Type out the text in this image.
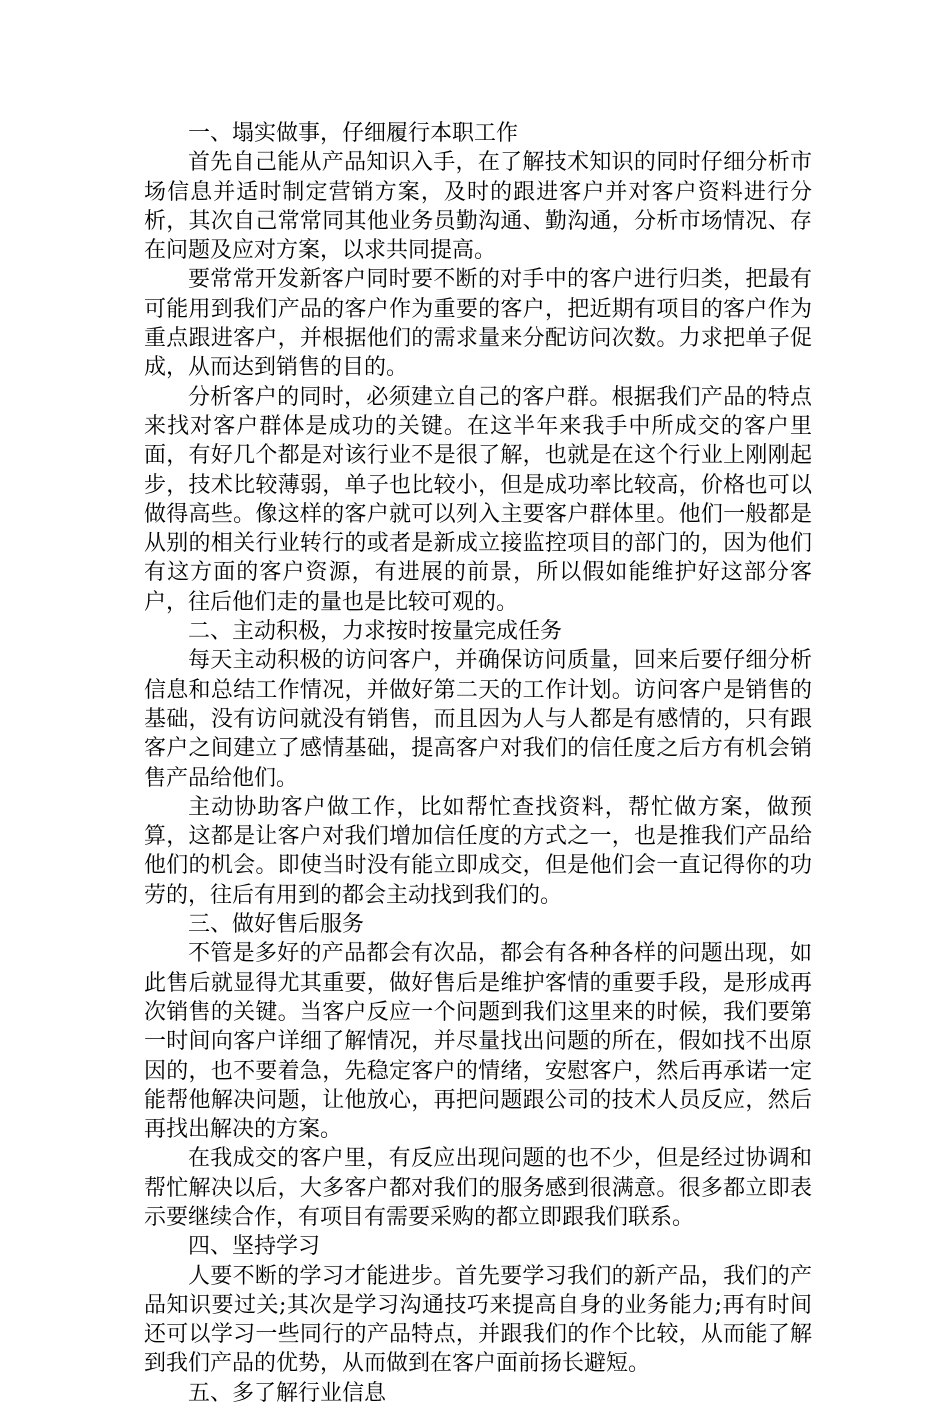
一、塌实做事，仔细履行本职工作

首先自己能从产品知识入手，在了解技术知识的同时仔细分析市场信息并适时制定营销方案，及时的跟进客户并对客户资料进行分析，其次自己常常同其他业务员勤沟通、勤沟通，分析市场情况、存在问题及应对方案，以求共同提高。

要常常开发新客户同时要不断的对手中的客户进行归类，把最有可能用到我们产品的客户作为重要的客户，把近期有项目的客户作为重点跟进客户，并根据他们的需求量来分配访问次数。力求把单子促成，从而达到销售的目的。

分析客户的同时，必须建立自己的客户群。根据我们产品的特点来找对客户群体是成功的关键。在这半年来我手中所成交的客户里面，有好几个都是对该行业不是很了解，也就是在这个行业上刚刚起步，技术比较薄弱，单子也比较小，但是成功率比较高，价格也可以做得高些。像这样的客户就可以列入主要客户群体里。他们一般都是从别的相关行业转行的或者是新成立接监控项目的部门的，因为他们有这方面的客户资源，有进展的前景，所以假如能维护好这部分客户，往后他们走的量也是比较可观的。

二、主动积极，力求按时按量完成任务

每天主动积极的访问客户，并确保访问质量，回来后要仔细分析信息和总结工作情况，并做好第二天的工作计划。访问客户是销售的基础，没有访问就没有销售，而且因为人与人都是有感情的，只有跟客户之间建立了感情基础，提高客户对我们的信任度之后方有机会销售产品给他们。

主动协助客户做工作，比如帮忙查找资料，帮忙做方案，做预算，这都是让客户对我们增加信任度的方式之一，也是推我们产品给他们的机会。即使当时没有能立即成交，但是他们会一直记得你的功劳的，往后有用到的都会主动找到我们的。

三、做好售后服务

不管是多好的产品都会有次品，都会有各种各样的问题出现，如此售后就显得尤其重要，做好售后是维护客情的重要手段，是形成再次销售的关键。当客户反应一个问题到我们这里来的时候，我们要第一时间向客户详细了解情况，并尽量找出问题的所在，假如找不出原因的，也不要着急，先稳定客户的情绪，安慰客户，然后再承诺一定能帮他解决问题，让他放心，再把问题跟公司的技术人员反应，然后再找出解决的方案。

在我成交的客户里，有反应出现问题的也不少，但是经过协调和帮忙解决以后，大多客户都对我们的服务感到很满意。很多都立即表示要继续合作，有项目有需要采购的都立即跟我们联系。

四、坚持学习

人要不断的学习才能进步。首先要学习我们的新产品，我们的产品知识要过关;其次是学习沟通技巧来提高自身的业务能力;再有时间还可以学习一些同行的产品特点，并跟我们的作个比较，从而能了解到我们产品的优势，从而做到在客户面前扬长避短。

五、多了解行业信息
